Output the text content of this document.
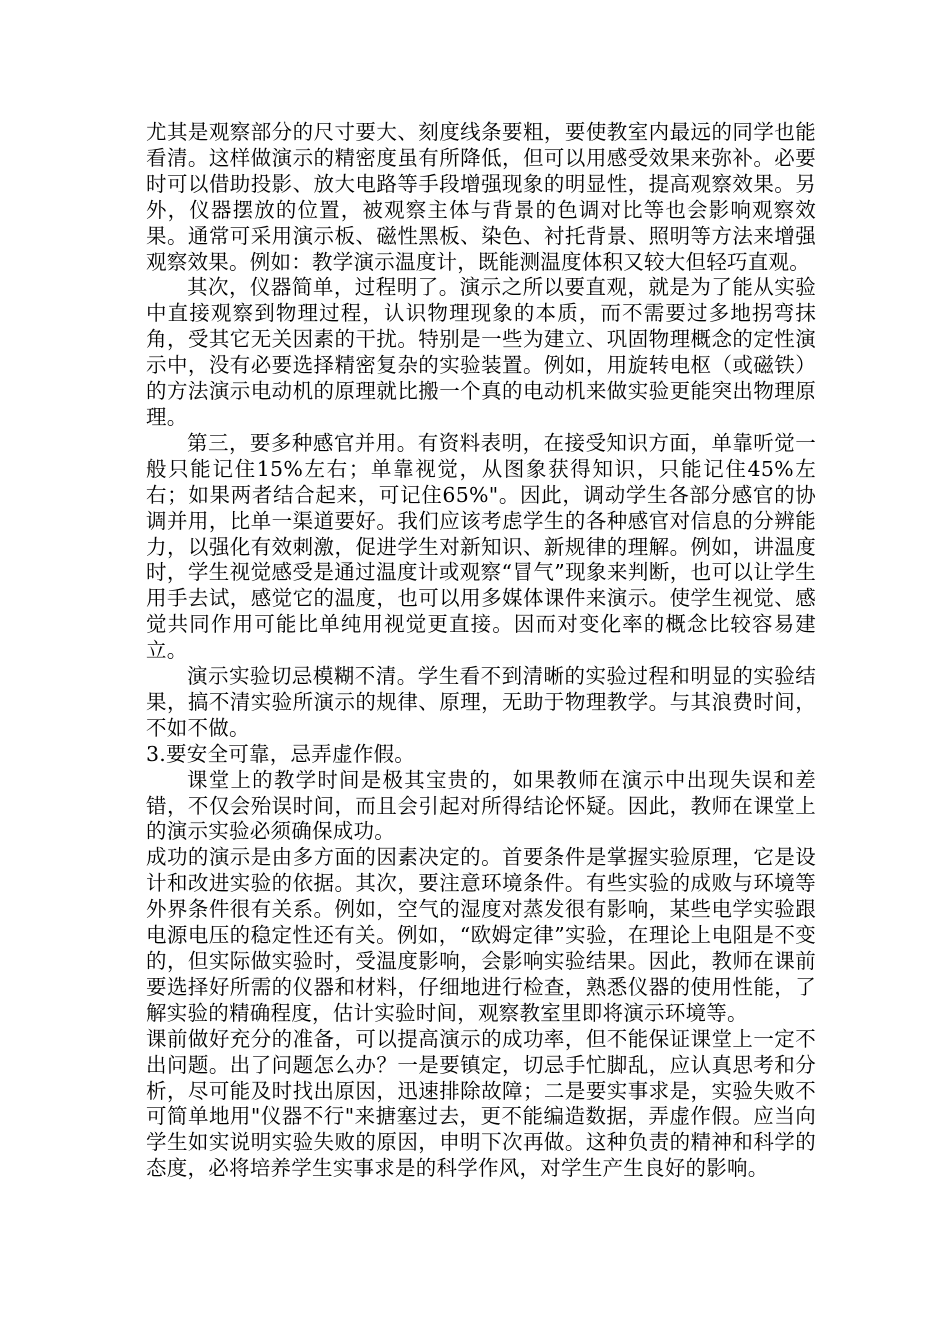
尤其是观察部分的尺寸要大、刻度线条要粗，要使教室内最远的同学也能看清。这样做演示的精密度虽有所降低，但可以用感受效果来弥补。必要时可以借助投影、放大电路等手段增强现象的明显性，提高观察效果。另外，仪器摆放的位置，被观察主体与背景的色调对比等也会影响观察效果。通常可采用演示板、磁性黑板、染色、衬托背景、照明等方法来增强观察效果。例如：教学演示温度计，既能测温度体积又较大但轻巧直观。

其次，仪器简单，过程明了。演示之所以要直观，就是为了能从实验中直接观察到物理过程，认识物理现象的本质，而不需要过多地拐弯抹角，受其它无关因素的干扰。特别是一些为建立、巩固物理概念的定性演示中，没有必要选择精密复杂的实验装置。例如，用旋转电枢（或磁铁）的方法演示电动机的原理就比搬一个真的电动机来做实验更能突出物理原理。

第三，要多种感官并用。有资料表明，在接受知识方面，单靠听觉一般只能记住15%左右；单靠视觉，从图象获得知识，只能记住45%左右；如果两者结合起来，可记住65%"。因此，调动学生各部分感官的协调并用，比单一渠道要好。我们应该考虑学生的各种感官对信息的分辨能力，以强化有效刺激，促进学生对新知识、新规律的理解。例如，讲温度时，学生视觉感受是通过温度计或观察“冒气”现象来判断，也可以让学生用手去试，感觉它的温度，也可以用多媒体课件来演示。使学生视觉、感觉共同作用可能比单纯用视觉更直接。因而对变化率的概念比较容易建立。

演示实验切忌模糊不清。学生看不到清晰的实验过程和明显的实验结果，搞不清实验所演示的规律、原理，无助于物理教学。与其浪费时间，不如不做。

3.要安全可靠，忌弄虚作假。

课堂上的教学时间是极其宝贵的，如果教师在演示中出现失误和差错，不仅会殆误时间，而且会引起对所得结论怀疑。因此，教师在课堂上的演示实验必须确保成功。

成功的演示是由多方面的因素决定的。首要条件是掌握实验原理，它是设计和改进实验的依据。其次，要注意环境条件。有些实验的成败与环境等外界条件很有关系。例如，空气的湿度对蒸发很有影响，某些电学实验跟电源电压的稳定性还有关。例如，“欧姆定律”实验，在理论上电阻是不变的，但实际做实验时，受温度影响，会影响实验结果。因此，教师在课前要选择好所需的仪器和材料，仔细地进行检查，熟悉仪器的使用性能，了解实验的精确程度，估计实验时间，观察教室里即将演示环境等。

课前做好充分的准备，可以提高演示的成功率，但不能保证课堂上一定不出问题。出了问题怎么办？一是要镇定，切忌手忙脚乱，应认真思考和分析，尽可能及时找出原因，迅速排除故障；二是要实事求是，实验失败不可简单地用"仪器不行"来搪塞过去，更不能编造数据，弄虚作假。应当向学生如实说明实验失败的原因，申明下次再做。这种负责的精神和科学的态度，必将培养学生实事求是的科学作风，对学生产生良好的影响。
